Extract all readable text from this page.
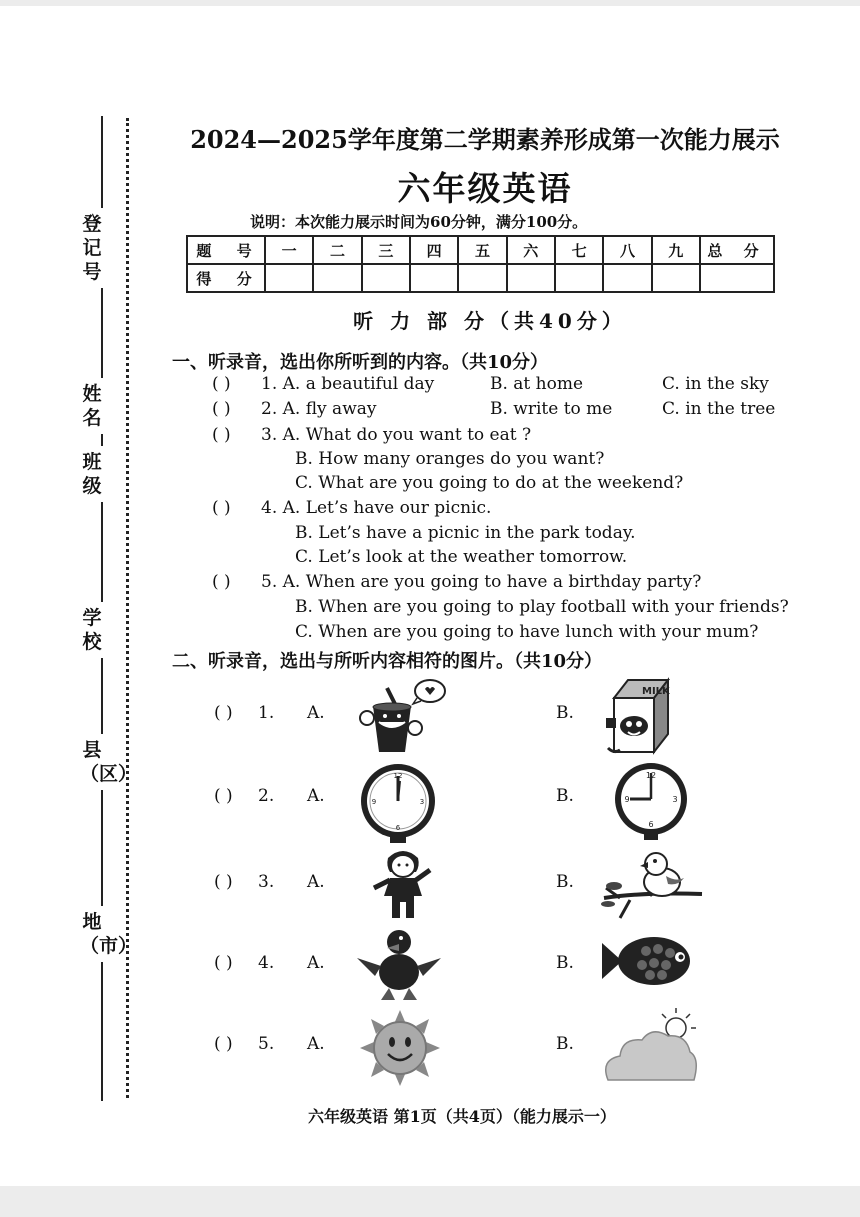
登记号
姓名
班级
学校
县（区）
地（市）
2024—2025学年度第二学期素养形成第一次能力展示
六年级英语
说明：本次能力展示时间为60分钟，满分100分。
题 号	一	二	三	四	五	六	七	八	九	总 分
得 分										
听 力 部 分（共40分）
一、听录音，选出你所听到的内容。（共10分）
( ) 1. A. a beautiful day	B. at home	C. in the sky
( ) 2. A. fly away	B. write to me	C. in the tree
( ) 3. A. What do you want to eat ?
B. How many oranges do you want?
C. What are you going to do at the weekend?
( ) 4. A. Let’s have our picnic.
B. Let’s have a picnic in the park today.
C. Let’s look at the weather tomorrow.
( ) 5. A. When are you going to have a birthday party?
B. When are you going to play football with your friends?
C. When are you going to have lunch with your mum?
二、听录音，选出与所听内容相符的图片。（共10分）
( ) 1. A.	B.
MILK
( ) 2. A.	B.
12
3
6
9
12
3
6
9
( ) 3. A.	B.
( ) 4. A.	B.
( ) 5. A.	B.
六年级英语 第1页（共4页）（能力展示一）
